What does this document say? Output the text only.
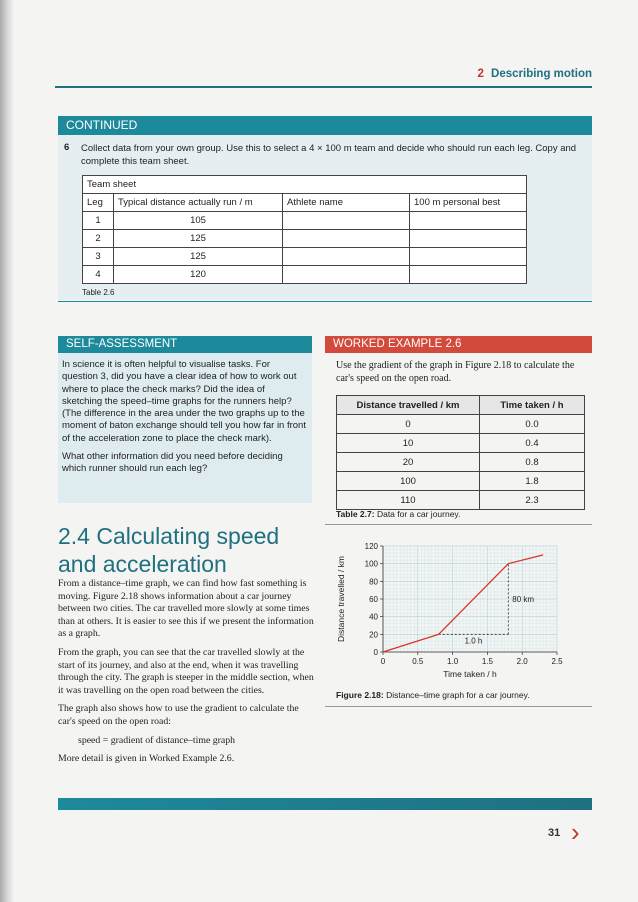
2 Describing motion
CONTINUED
6 Collect data from your own group. Use this to select a 4 × 100 m team and decide who should run each leg. Copy and complete this team sheet.
Team sheet			
Leg	Typical distance actually run / m	Athlete name	100 m personal best
1	105		
2	125		
3	125		
4	120		
Table 2.6
SELF-ASSESSMENT

In science it is often helpful to visualise tasks. For question 3, did you have a clear idea of how to work out where to place the check marks? Did the idea of sketching the speed–time graphs for the runners help? (The difference in the area under the two graphs up to the moment of baton exchange should tell you how far in front of the acceleration zone to place the check mark).

What other information did you need before deciding which runner should run each leg?

2.4 Calculating speed and acceleration

From a distance–time graph, we can find how fast something is moving. Figure 2.18 shows information about a car journey between two cities. The car travelled more slowly at some times than at others. It is easier to see this if we present the information as a graph.

From the graph, you can see that the car travelled slowly at the start of its journey, and also at the end, when it was travelling through the city. The graph is steeper in the middle section, when it was travelling on the open road between the cities.

The graph also shows how to use the gradient to calculate the car's speed on the open road:

speed = gradient of distance–time graph

More detail is given in Worked Example 2.6.

WORKED EXAMPLE 2.6
Use the gradient of the graph in Figure 2.18 to calculate the car's speed on the open road.
Distance travelled / km	Time taken / h
0	0.0
10	0.4
20	0.8
100	1.8
110	2.3
Table 2.7: Data for a car journey.
0	0.5	1.0	1.5	2.0	2.5
0
20
40
60
80
100
120
80 km
1.0 h
Distance travelled / km
Time taken / h
Figure 2.18: Distance–time graph for a car journey.
31 ›
